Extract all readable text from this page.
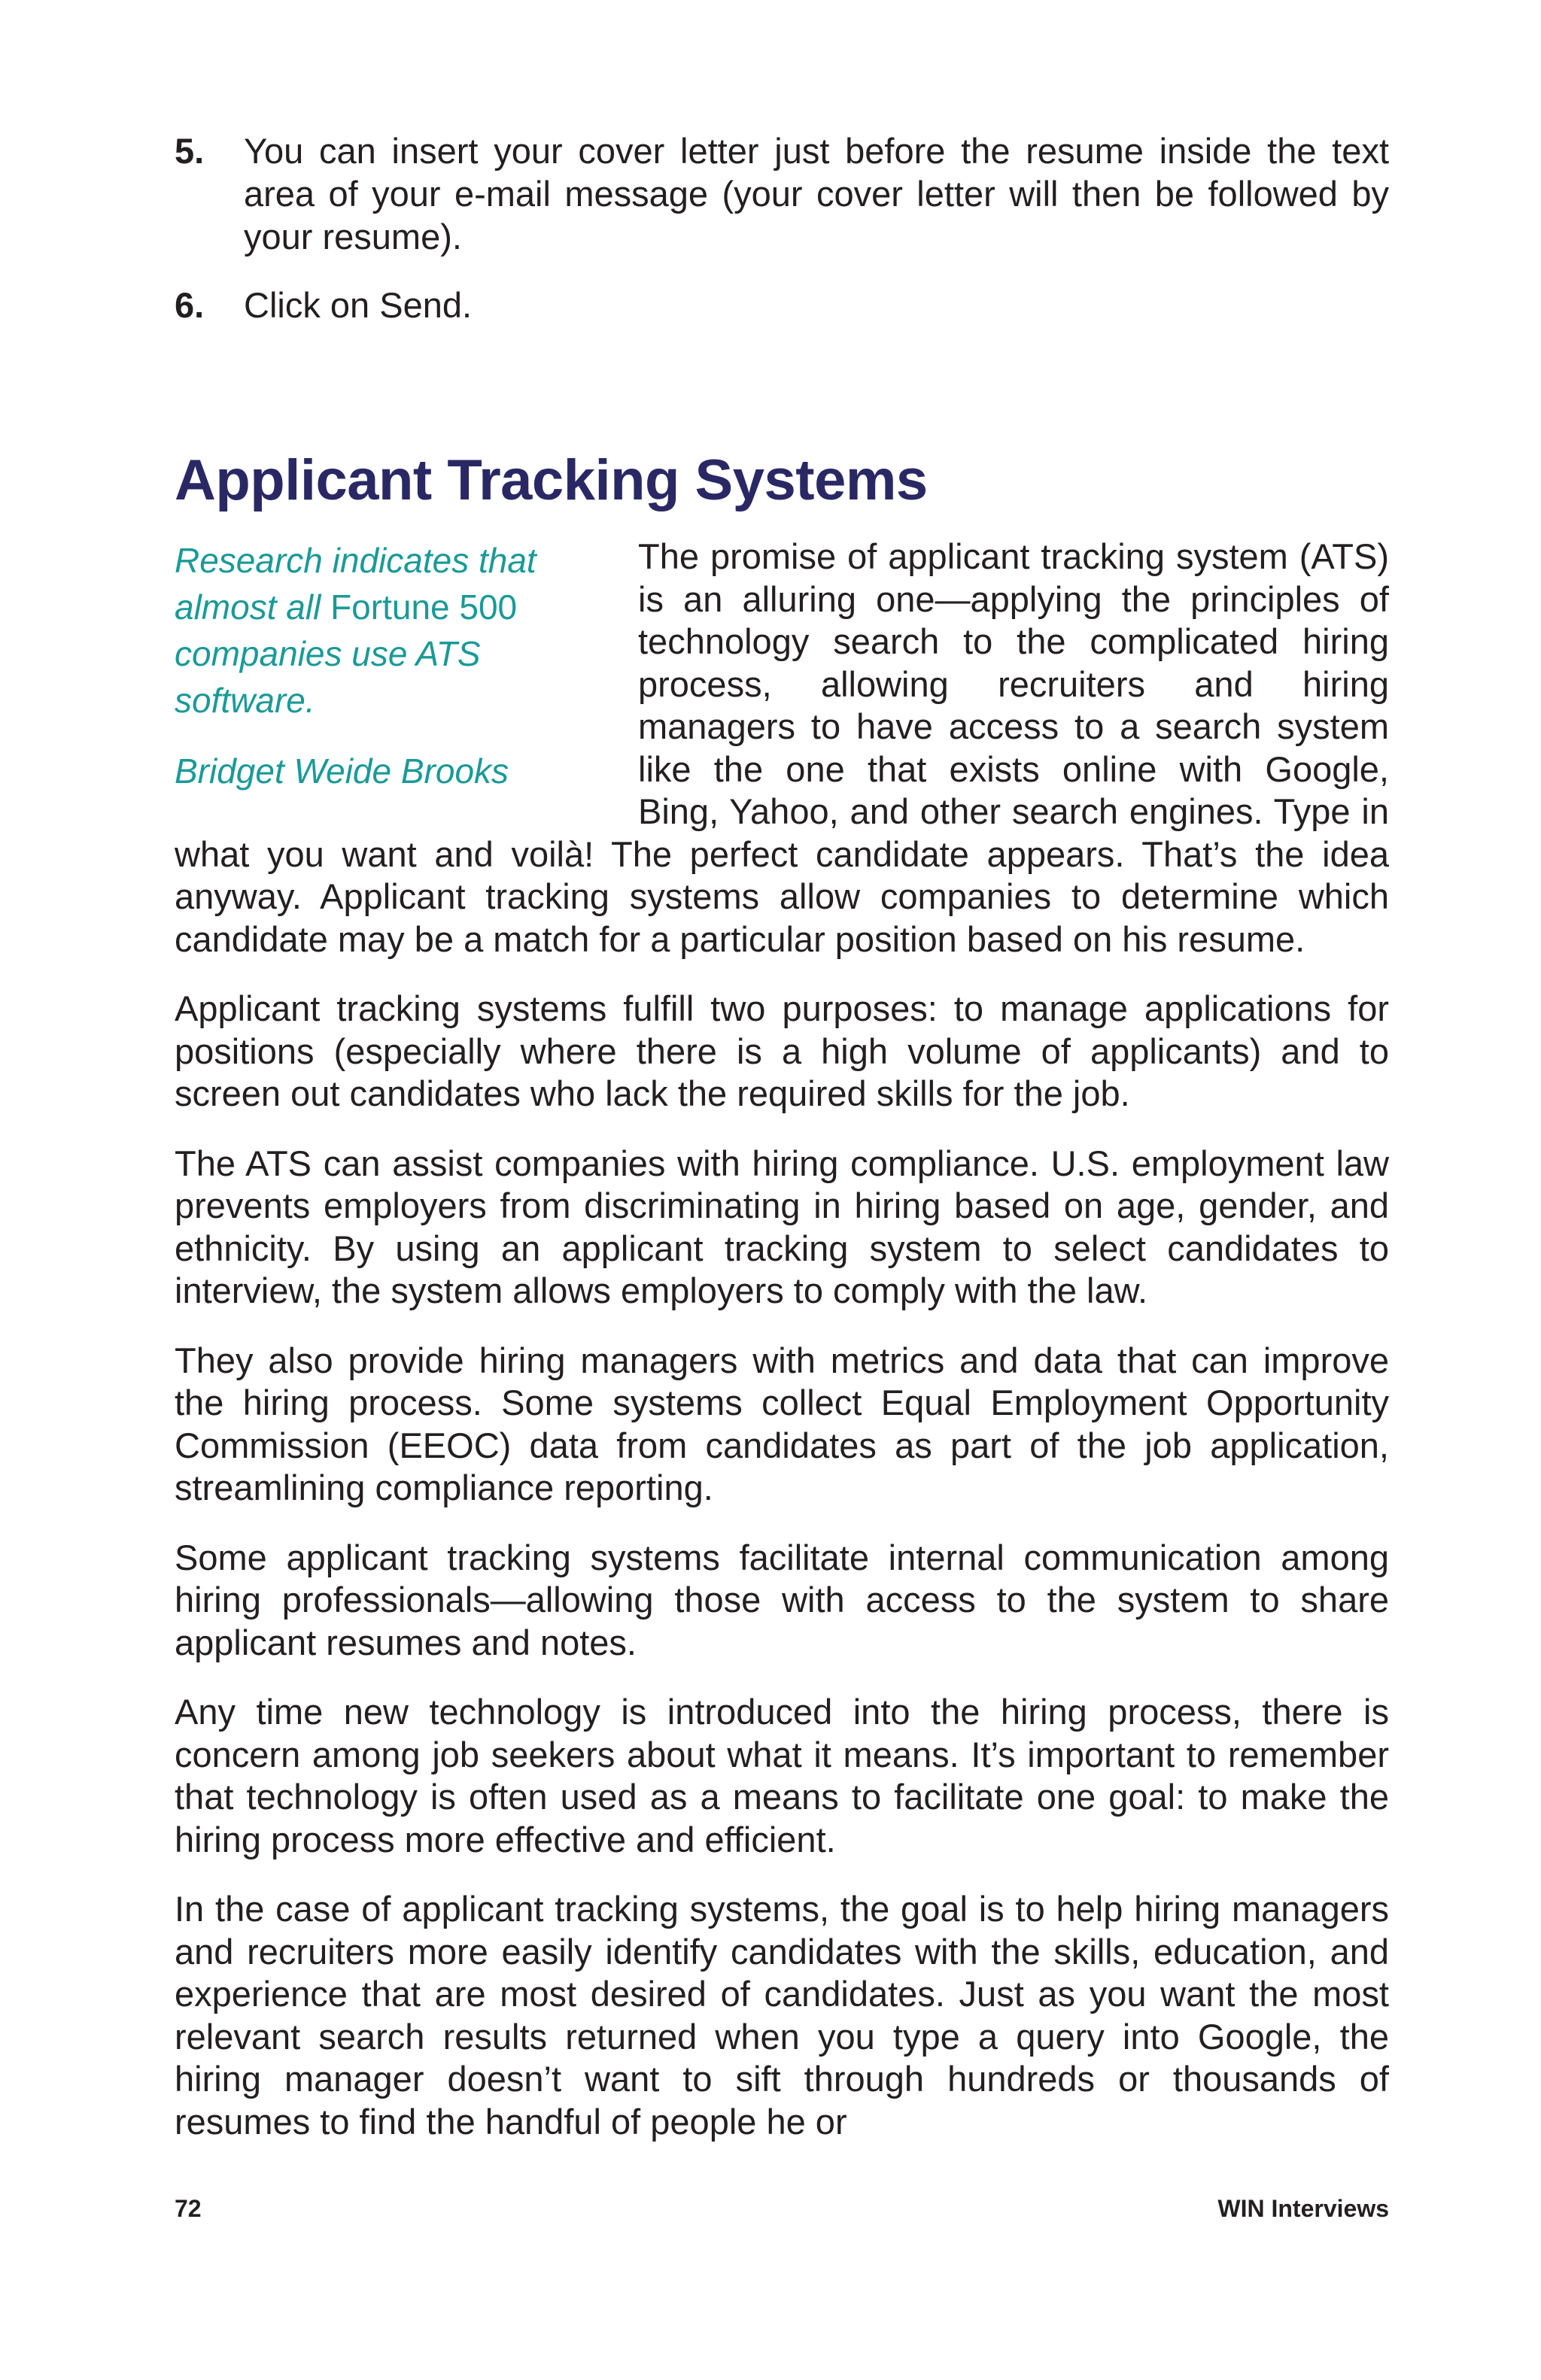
5. You can insert your cover letter just before the resume inside the text area of your e-mail message (your cover letter will then be followed by your resume).
6. Click on Send.
Applicant Tracking Systems

Research indicates that almost all Fortune 500 companies use ATS software.

Bridget Weide Brooks

The promise of applicant tracking system (ATS) is an alluring one—applying the principles of technology search to the complicated hiring process, allowing recruiters and hiring managers to have access to a search system like the one that exists online with Google, Bing, Yahoo, and other search engines. Type in what you want and voilà! The perfect candidate appears. That’s the idea anyway. Applicant tracking systems allow companies to determine which candidate may be a match for a particular position based on his resume.

Applicant tracking systems fulfill two purposes: to manage applications for positions (especially where there is a high volume of applicants) and to screen out candidates who lack the required skills for the job.

The ATS can assist companies with hiring compliance. U.S. employment law prevents employers from discriminating in hiring based on age, gender, and ethnicity. By using an applicant tracking system to select candidates to interview, the system allows employers to comply with the law.

They also provide hiring managers with metrics and data that can improve the hiring process. Some systems collect Equal Employment Opportunity Commission (EEOC) data from candidates as part of the job application, streamlining compliance reporting.

Some applicant tracking systems facilitate internal communication among hiring professionals—allowing those with access to the system to share applicant resumes and notes.

Any time new technology is introduced into the hiring process, there is concern among job seekers about what it means. It’s important to remember that technology is often used as a means to facilitate one goal: to make the hiring process more effective and efficient.

In the case of applicant tracking systems, the goal is to help hiring managers and recruiters more easily identify candidates with the skills, education, and experience that are most desired of candidates. Just as you want the most relevant search results returned when you type a query into Google, the hiring manager doesn’t want to sift through hundreds or thousands of resumes to find the handful of people he or

72	WIN Interviews
